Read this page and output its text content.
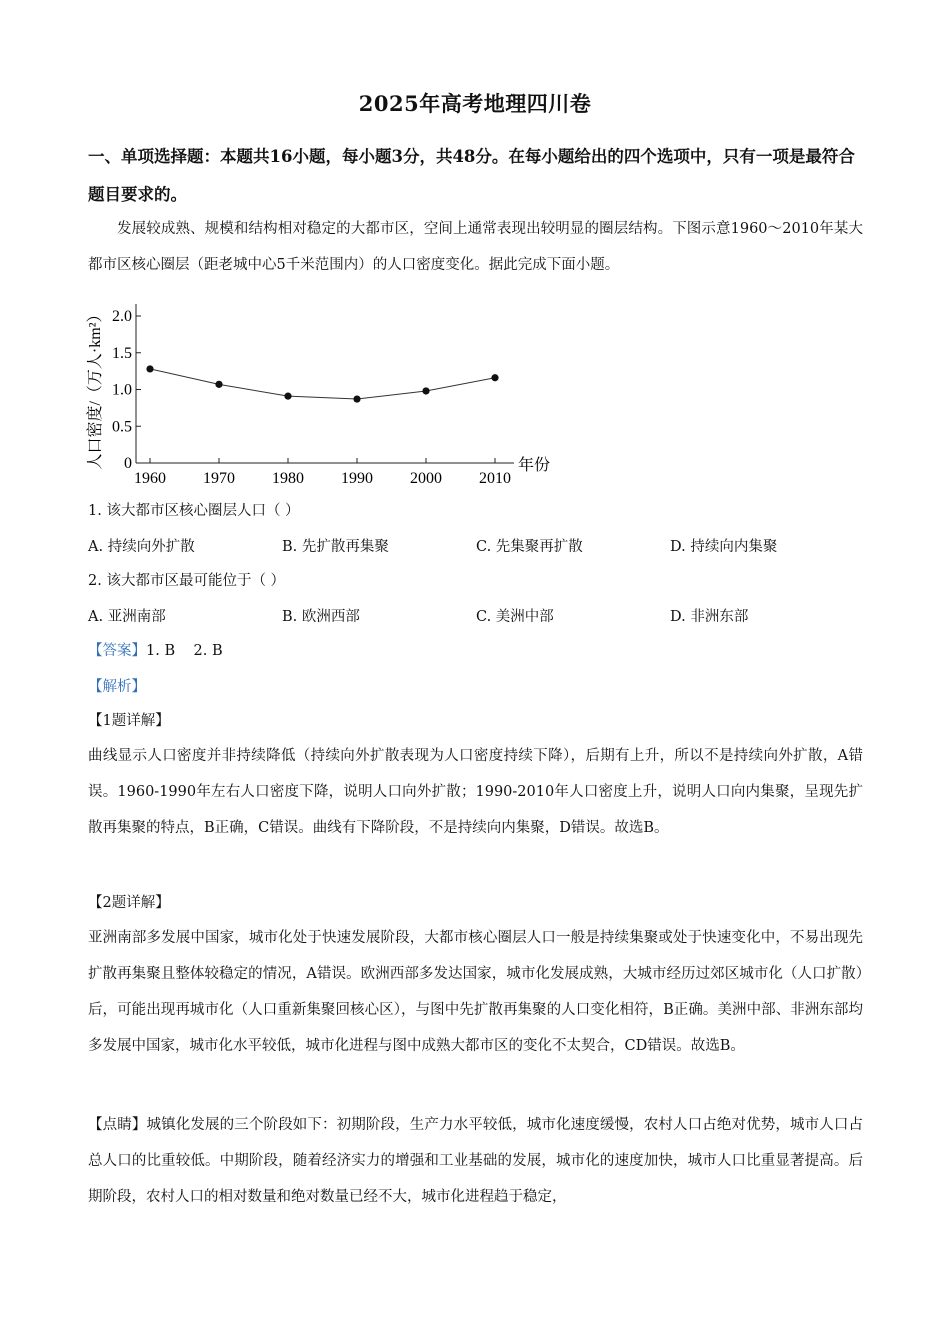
2025年高考地理四川卷
一、单项选择题：本题共16小题，每小题3分，共48分。在每小题给出的四个选项中，只有一项是最符合题目要求的。
发展较成熟、规模和结构相对稳定的大都市区，空间上通常表现出较明显的圈层结构。下图示意1960～2010年某大都市区核心圈层（距老城中心5千米范围内）的人口密度变化。据此完成下面小题。
0
0.5
1.0
1.5
2.0
1960 1970 1980 1990 2000 2010
人口密度/（万人·km²）	年份
1. 该大都市区核心圈层人口（ ）
A. 持续向外扩散	B. 先扩散再集聚	C. 先集聚再扩散	D. 持续向内集聚
2. 该大都市区最可能位于（ ）
A. 亚洲南部	B. 欧洲西部	C. 美洲中部	D. 非洲东部
【答案】1. B    2. B
【解析】
【1题详解】
曲线显示人口密度并非持续降低（持续向外扩散表现为人口密度持续下降），后期有上升，所以不是持续向外扩散，A错误。1960-1990年左右人口密度下降，说明人口向外扩散；1990-2010年人口密度上升，说明人口向内集聚，呈现先扩散再集聚的特点，B正确，C错误。曲线有下降阶段，不是持续向内集聚，D错误。故选B。
【2题详解】
亚洲南部多发展中国家，城市化处于快速发展阶段，大都市核心圈层人口一般是持续集聚或处于快速变化中，不易出现先扩散再集聚且整体较稳定的情况，A错误。欧洲西部多发达国家，城市化发展成熟，大城市经历过郊区城市化（人口扩散）后，可能出现再城市化（人口重新集聚回核心区），与图中先扩散再集聚的人口变化相符，B正确。美洲中部、非洲东部均多发展中国家，城市化水平较低，城市化进程与图中成熟大都市区的变化不太契合，CD错误。故选B。
【点睛】城镇化发展的三个阶段如下：初期阶段，生产力水平较低，城市化速度缓慢，农村人口占绝对优势，城市人口占总人口的比重较低。中期阶段，随着经济实力的增强和工业基础的发展，城市化的速度加快，城市人口比重显著提高。后期阶段，农村人口的相对数量和绝对数量已经不大，城市化进程趋于稳定，
